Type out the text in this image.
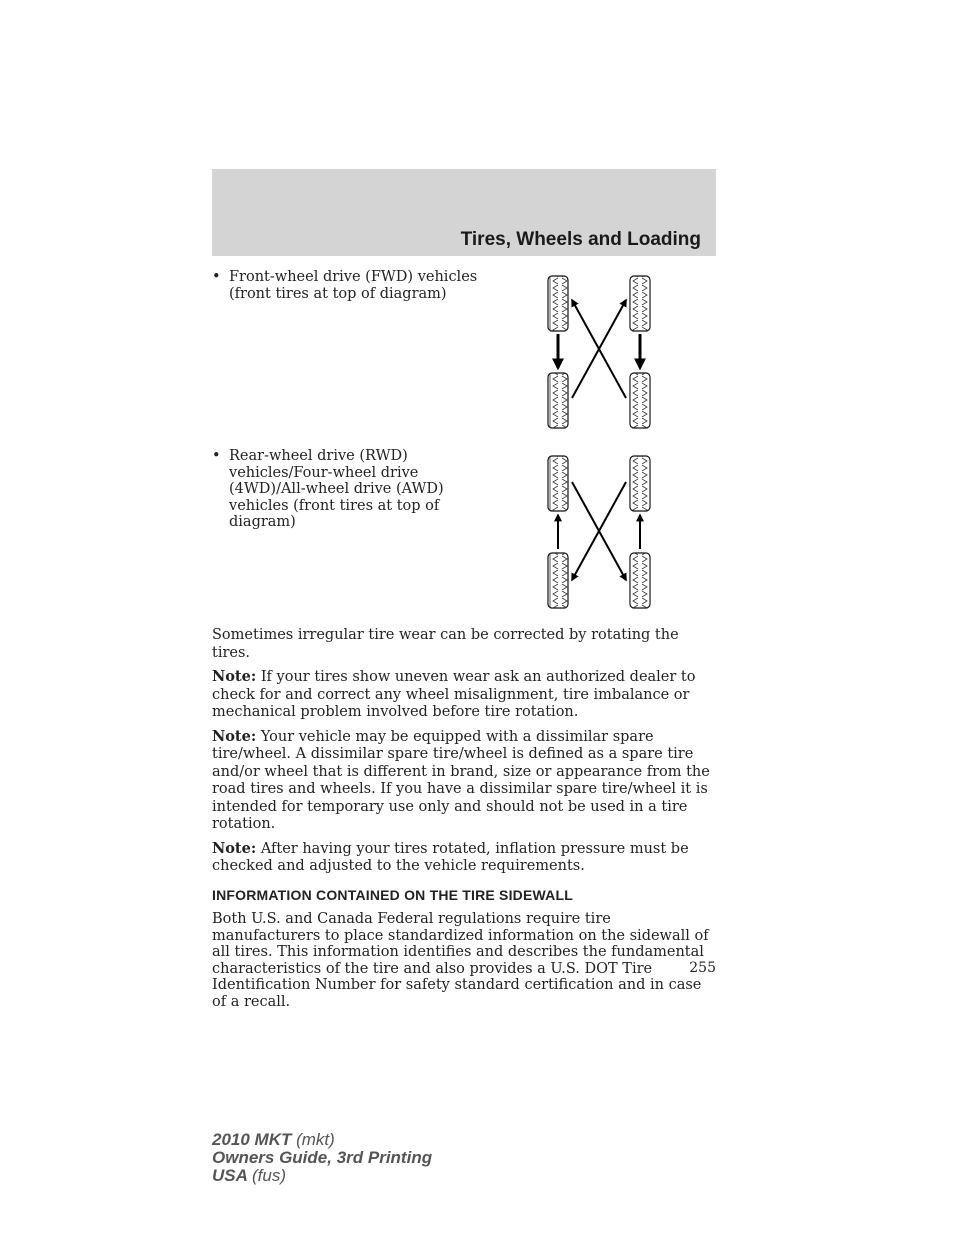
Tires, Wheels and Loading
• Front-wheel drive (FWD) vehicles
(front tires at top of diagram)
• Rear-wheel drive (RWD)
vehicles/Four-wheel drive
(4WD)/All-wheel drive (AWD)
vehicles (front tires at top of
diagram)

Sometimes irregular tire wear can be corrected by rotating the tires.

Note: If your tires show uneven wear ask an authorized dealer to check for and correct any wheel misalignment, tire imbalance or mechanical problem involved before tire rotation.

Note: Your vehicle may be equipped with a dissimilar spare tire/wheel. A dissimilar spare tire/wheel is defined as a spare tire and/or wheel that is different in brand, size or appearance from the road tires and wheels. If you have a dissimilar spare tire/wheel it is intended for temporary use only and should not be used in a tire rotation.

Note: After having your tires rotated, inflation pressure must be checked and adjusted to the vehicle requirements.

INFORMATION CONTAINED ON THE TIRE SIDEWALL

Both U.S. and Canada Federal regulations require tire manufacturers to place standardized information on the sidewall of all tires. This information identifies and describes the fundamental characteristics of the tire and also provides a U.S. DOT Tire Identification Number for safety standard certification and in case of a recall.

255
2010 MKT (mkt)
Owners Guide, 3rd Printing
USA (fus)
